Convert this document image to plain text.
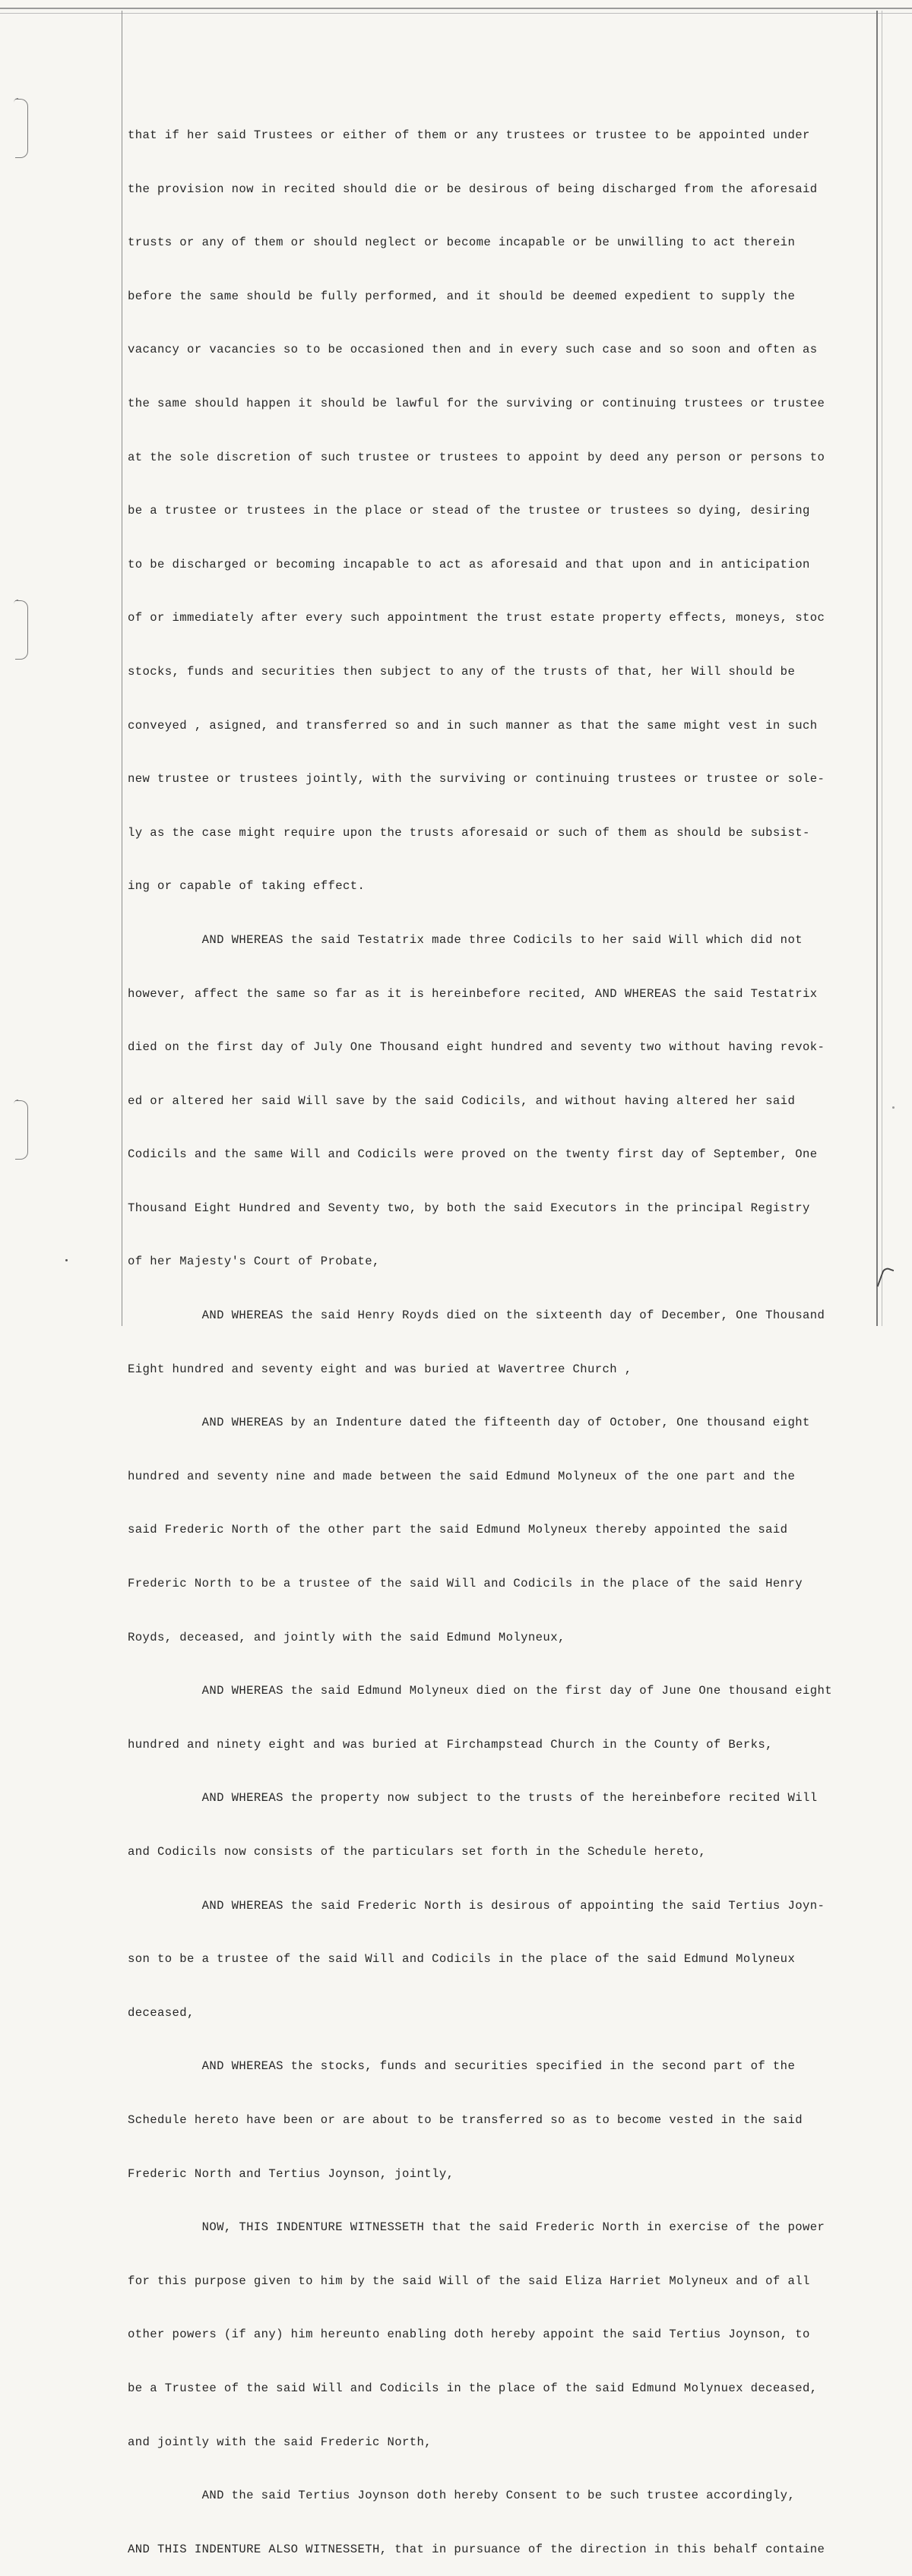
that if her said Trustees or either of them or any trustees or trustee to be appointed under

the provision now in recited should die or be desirous of being discharged from the aforesaid

trusts or any of them or should neglect or become incapable or be unwilling to act therein

before the same should be fully performed, and it should be deemed expedient to supply the

vacancy or vacancies so to be occasioned then and in every such case and so soon and often as

the same should happen it should be lawful for the surviving or continuing trustees or trustee

at the sole discretion of such trustee or trustees to appoint by deed any person or persons to

be a trustee or trustees in the place or stead of the trustee or trustees so dying, desiring

to be discharged or becoming incapable to act as aforesaid and that upon and in anticipation

of or immediately after every such appointment the trust estate property effects, moneys, stoc

stocks, funds and securities then subject to any of the trusts of that, her Will should be

conveyed , asigned, and transferred so and in such manner as that the same might vest in such

new trustee or trustees jointly, with the surviving or continuing trustees or trustee or sole-

ly as the case might require upon the trusts aforesaid or such of them as should be subsist-

ing or capable of taking effect.

AND WHEREAS the said Testatrix made three Codicils to her said Will which did not

however, affect the same so far as it is hereinbefore recited, AND WHEREAS the said Testatrix

died on the first day of July One Thousand eight hundred and seventy two without having revok-

ed or altered her said Will save by the said Codicils, and without having altered her said

Codicils and the same Will and Codicils were proved on the twenty first day of September, One

Thousand Eight Hundred and Seventy two, by both the said Executors in the principal Registry

of her Majesty's Court of Probate,

AND WHEREAS the said Henry Royds died on the sixteenth day of December, One Thousand

Eight hundred and seventy eight and was buried at Wavertree Church ,

AND WHEREAS by an Indenture dated the fifteenth day of October, One thousand eight

hundred and seventy nine and made between the said Edmund Molyneux of the one part and the

said Frederic North of the other part the said Edmund Molyneux thereby appointed the said

Frederic North to be a trustee of the said Will and Codicils in the place of the said Henry

Royds, deceased, and jointly with the said Edmund Molyneux,

AND WHEREAS the said Edmund Molyneux died on the first day of June One thousand eight

hundred and ninety eight and was buried at Firchampstead Church in the County of Berks,

AND WHEREAS the property now subject to the trusts of the hereinbefore recited Will

and Codicils now consists of the particulars set forth in the Schedule hereto,

AND WHEREAS the said Frederic North is desirous of appointing the said Tertius Joyn-

son to be a trustee of the said Will and Codicils in the place of the said Edmund Molyneux

deceased,

AND WHEREAS the stocks, funds and securities specified in the second part of the

Schedule hereto have been or are about to be transferred so as to become vested in the said

Frederic North and Tertius Joynson, jointly,

NOW, THIS INDENTURE WITNESSETH that the said Frederic North in exercise of the power

for this purpose given to him by the said Will of the said Eliza Harriet Molyneux and of all

other powers (if any) him hereunto enabling doth hereby appoint the said Tertius Joynson, to

be a Trustee of the said Will and Codicils in the place of the said Edmund Molynuex deceased,

and jointly with the said Frederic North,

AND the said Tertius Joynson doth hereby Consent to be such trustee accordingly,

AND THIS INDENTURE ALSO WITNESSETH, that in pursuance of the direction in this behalf containe
